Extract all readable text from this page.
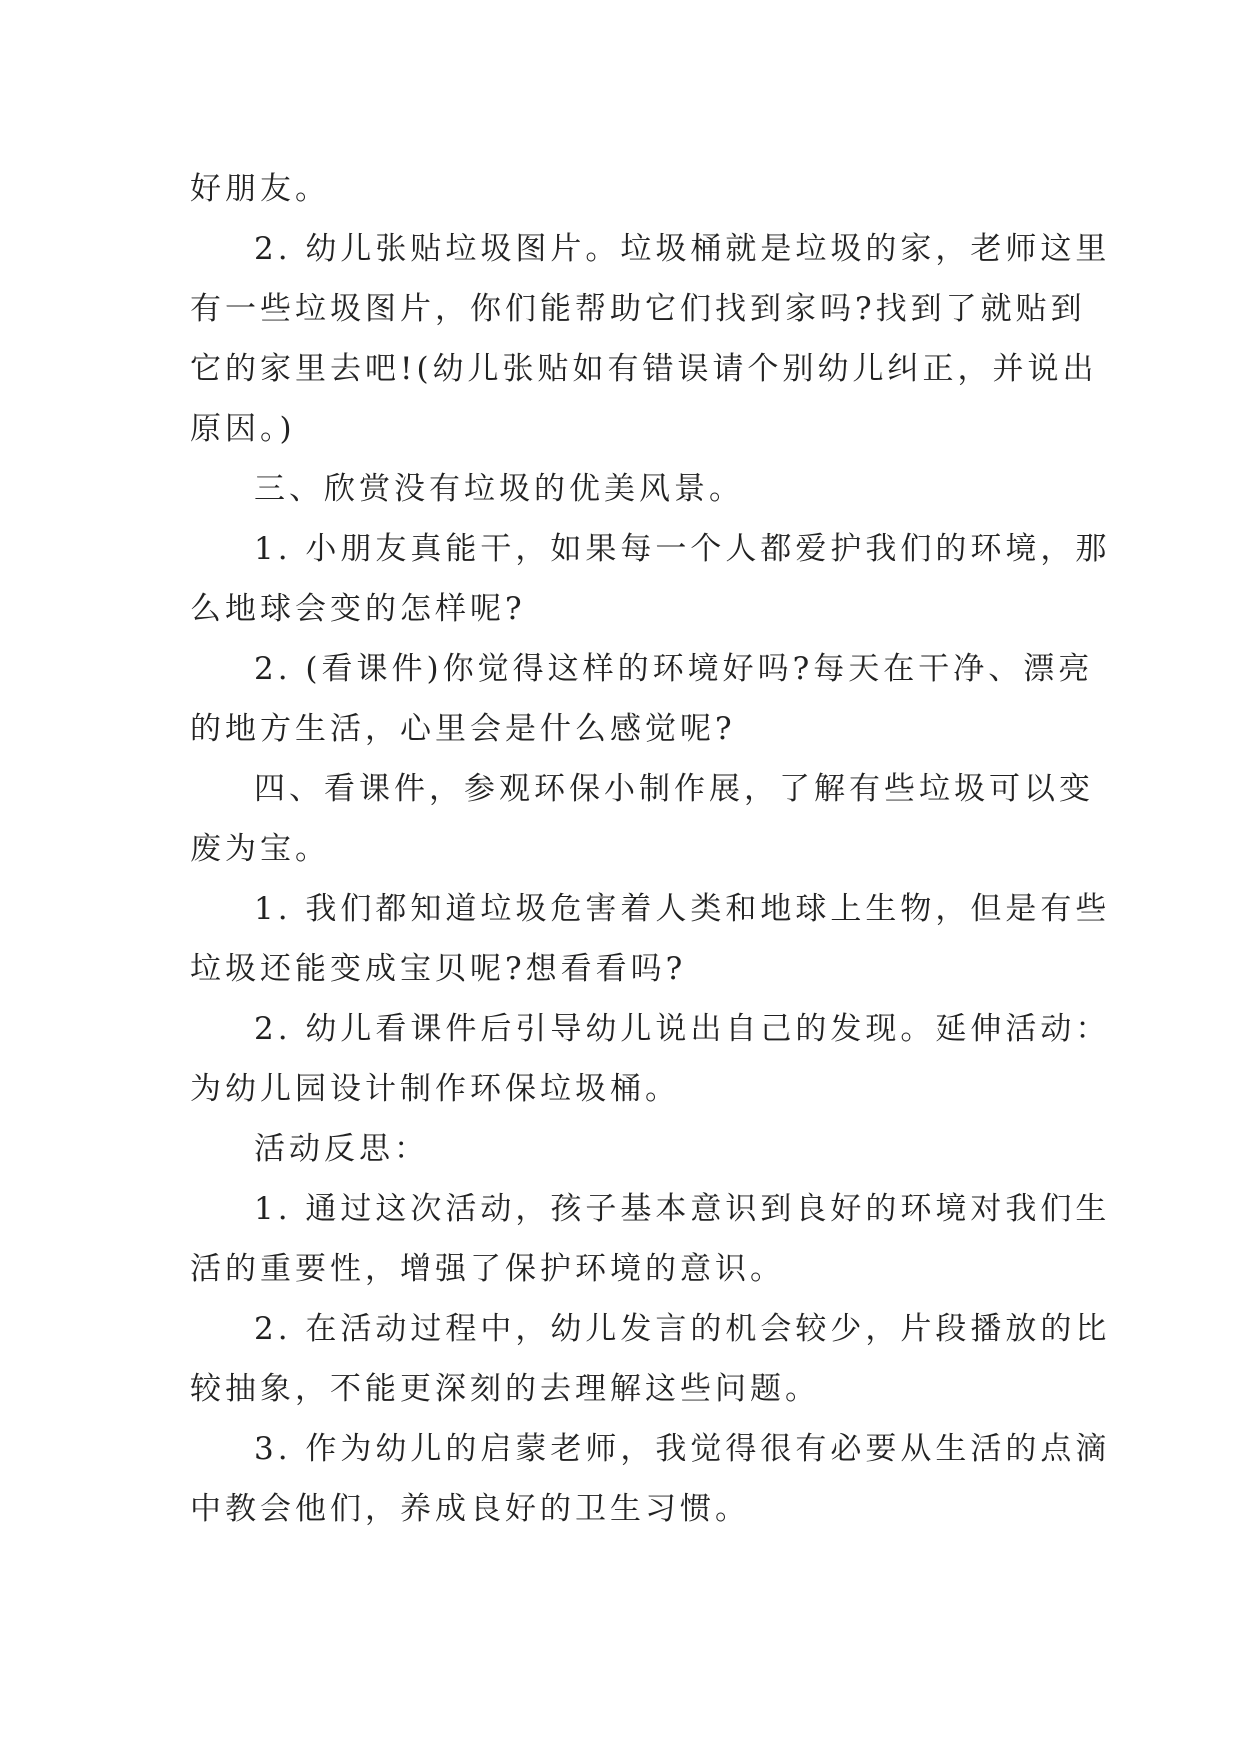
好朋友。
2. 幼儿张贴垃圾图片。垃圾桶就是垃圾的家，老师这里
有一些垃圾图片，你们能帮助它们找到家吗?找到了就贴到
它的家里去吧!(幼儿张贴如有错误请个别幼儿纠正，并说出
原因。)
三、欣赏没有垃圾的优美风景。
1. 小朋友真能干，如果每一个人都爱护我们的环境，那
么地球会变的怎样呢?
2. (看课件)你觉得这样的环境好吗?每天在干净、漂亮
的地方生活，心里会是什么感觉呢?
四、看课件，参观环保小制作展，了解有些垃圾可以变
废为宝。
1. 我们都知道垃圾危害着人类和地球上生物，但是有些
垃圾还能变成宝贝呢?想看看吗?
2. 幼儿看课件后引导幼儿说出自己的发现。延伸活动：
为幼儿园设计制作环保垃圾桶。
活动反思：
1. 通过这次活动，孩子基本意识到良好的环境对我们生
活的重要性，增强了保护环境的意识。
2. 在活动过程中，幼儿发言的机会较少，片段播放的比
较抽象，不能更深刻的去理解这些问题。
3. 作为幼儿的启蒙老师，我觉得很有必要从生活的点滴
中教会他们，养成良好的卫生习惯。
